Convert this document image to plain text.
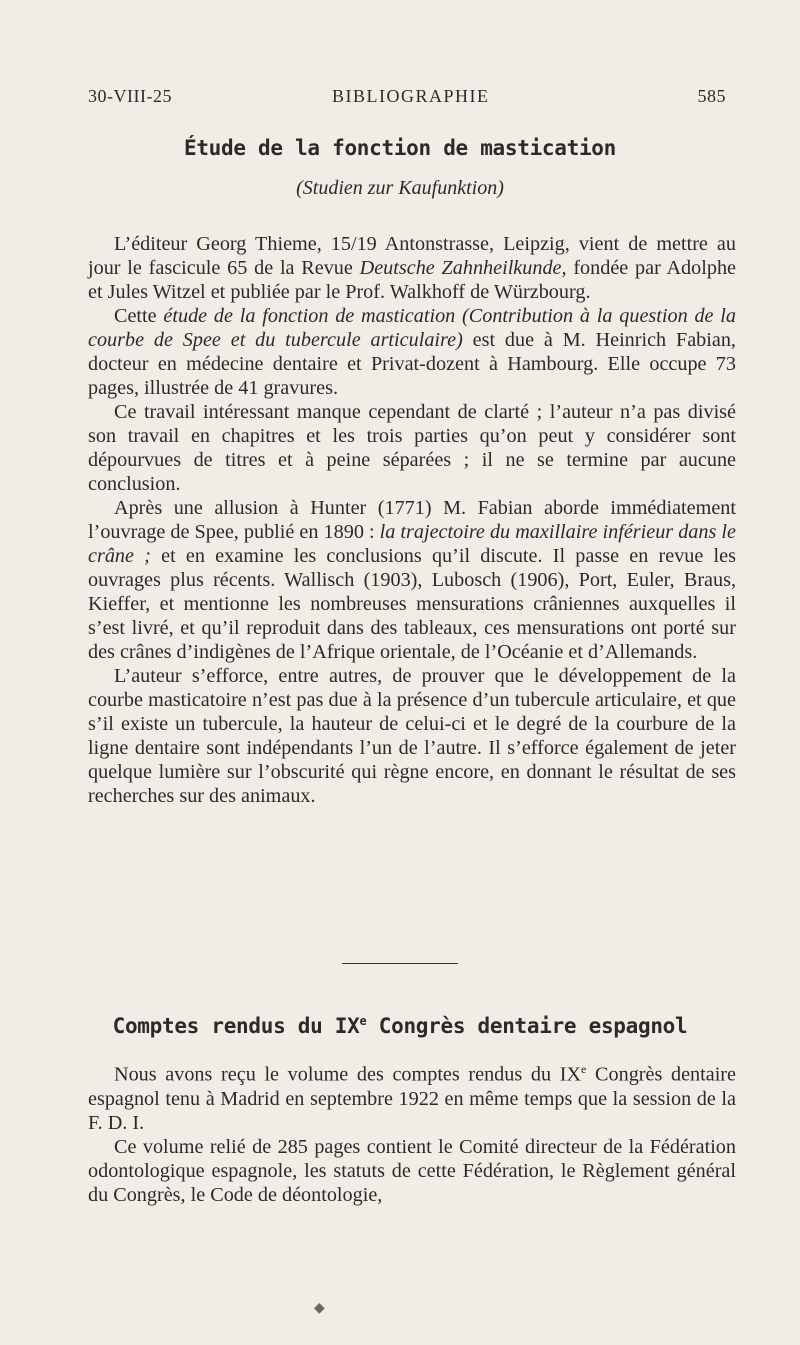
30-VIII-25	BIBLIOGRAPHIE	585
Étude de la fonction de mastication
(Studien zur Kaufunktion)

L’éditeur Georg Thieme, 15/19 Antonstrasse, Leipzig, vient de mettre au jour le fascicule 65 de la Revue Deutsche Zahnheilkunde, fondée par Adolphe et Jules Witzel et publiée par le Prof. Walkhoff de Würzbourg.

Cette étude de la fonction de mastication (Contribution à la question de la courbe de Spee et du tubercule articulaire) est due à M. Heinrich Fabian, docteur en médecine dentaire et Privat-dozent à Hambourg. Elle occupe 73 pages, illustrée de 41 gravures.

Ce travail intéressant manque cependant de clarté ; l’auteur n’a pas divisé son travail en chapitres et les trois parties qu’on peut y considérer sont dépourvues de titres et à peine séparées ; il ne se termine par aucune conclusion.

Après une allusion à Hunter (1771) M. Fabian aborde immédiatement l’ouvrage de Spee, publié en 1890 : la trajectoire du maxillaire inférieur dans le crâne ; et en examine les conclusions qu’il discute. Il passe en revue les ouvrages plus récents. Wallisch (1903), Lubosch (1906), Port, Euler, Braus, Kieffer, et mentionne les nombreuses mensurations crâniennes auxquelles il s’est livré, et qu’il reproduit dans des tableaux, ces mensurations ont porté sur des crânes d’indigènes de l’Afrique orientale, de l’Océanie et d’Allemands.

L’auteur s’efforce, entre autres, de prouver que le développement de la courbe masticatoire n’est pas due à la présence d’un tubercule articulaire, et que s’il existe un tubercule, la hauteur de celui-ci et le degré de la courbure de la ligne dentaire sont indépendants l’un de l’autre. Il s’efforce également de jeter quelque lumière sur l’obscurité qui règne encore, en donnant le résultat de ses recherches sur des animaux.

Comptes rendus du IXe Congrès dentaire espagnol

Nous avons reçu le volume des comptes rendus du IXe Congrès dentaire espagnol tenu à Madrid en septembre 1922 en même temps que la session de la F. D. I.

Ce volume relié de 285 pages contient le Comité directeur de la Fédération odontologique espagnole, les statuts de cette Fédération, le Règlement général du Congrès, le Code de déontologie,

◆
